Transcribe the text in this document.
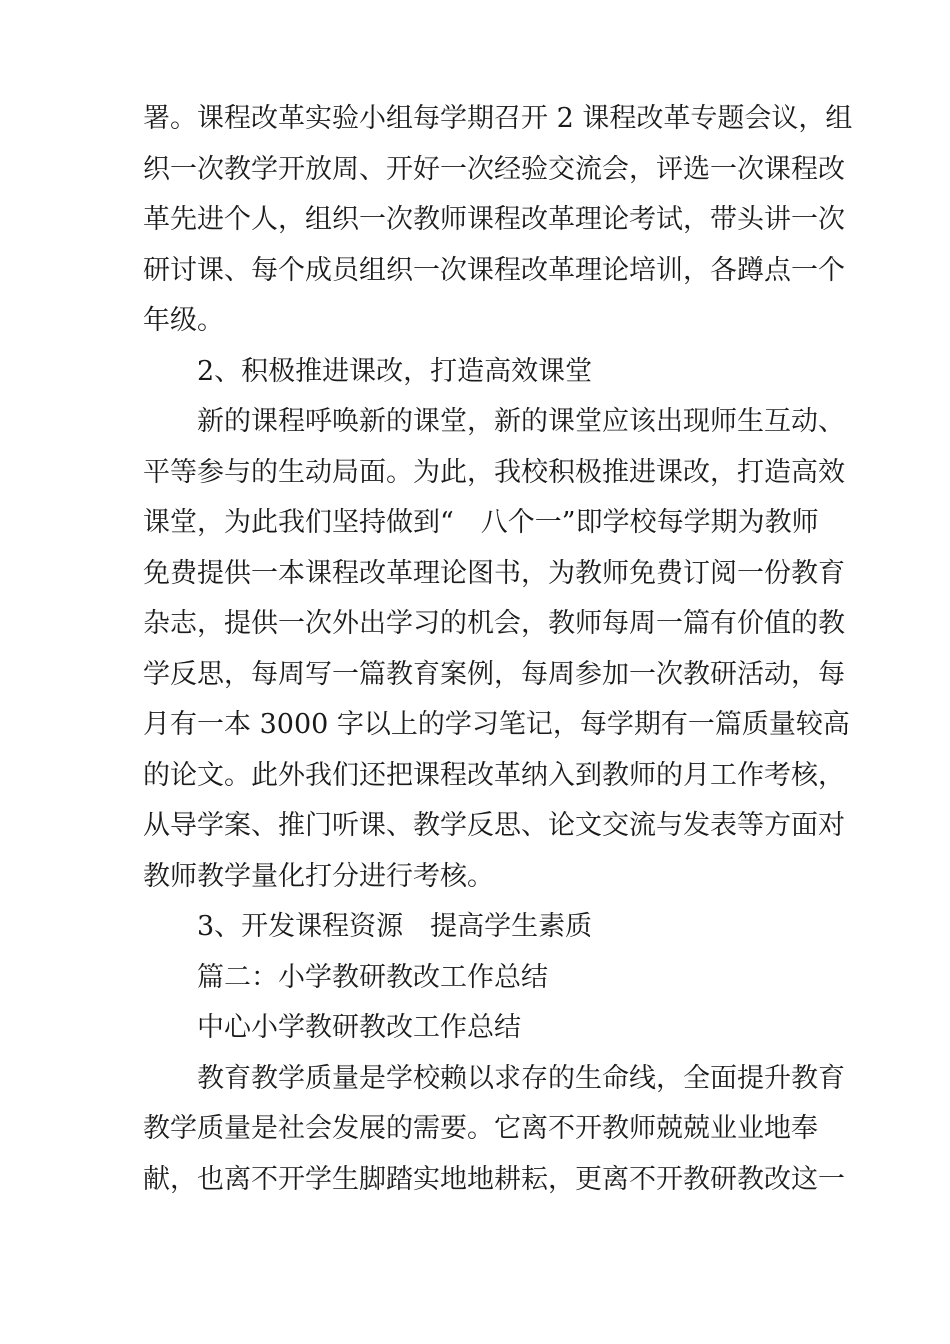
署。课程改革实验小组每学期召开 2 课程改革专题会议，组
织一次教学开放周、开好一次经验交流会，评选一次课程改
革先进个人，组织一次教师课程改革理论考试，带头讲一次
研讨课、每个成员组织一次课程改革理论培训，各蹲点一个
年级。
2、积极推进课改，打造高效课堂
新的课程呼唤新的课堂，新的课堂应该出现师生互动、
平等参与的生动局面。为此，我校积极推进课改，打造高效
课堂，为此我们坚持做到“　八个一”即学校每学期为教师
免费提供一本课程改革理论图书，为教师免费订阅一份教育
杂志，提供一次外出学习的机会，教师每周一篇有价值的教
学反思，每周写一篇教育案例，每周参加一次教研活动，每
月有一本 3000 字以上的学习笔记，每学期有一篇质量较高
的论文。此外我们还把课程改革纳入到教师的月工作考核，
从导学案、推门听课、教学反思、论文交流与发表等方面对
教师教学量化打分进行考核。
3、开发课程资源　提高学生素质
篇二：小学教研教改工作总结
中心小学教研教改工作总结
教育教学质量是学校赖以求存的生命线，全面提升教育
教学质量是社会发展的需要。它离不开教师兢兢业业地奉
献，也离不开学生脚踏实地地耕耘，更离不开教研教改这一
